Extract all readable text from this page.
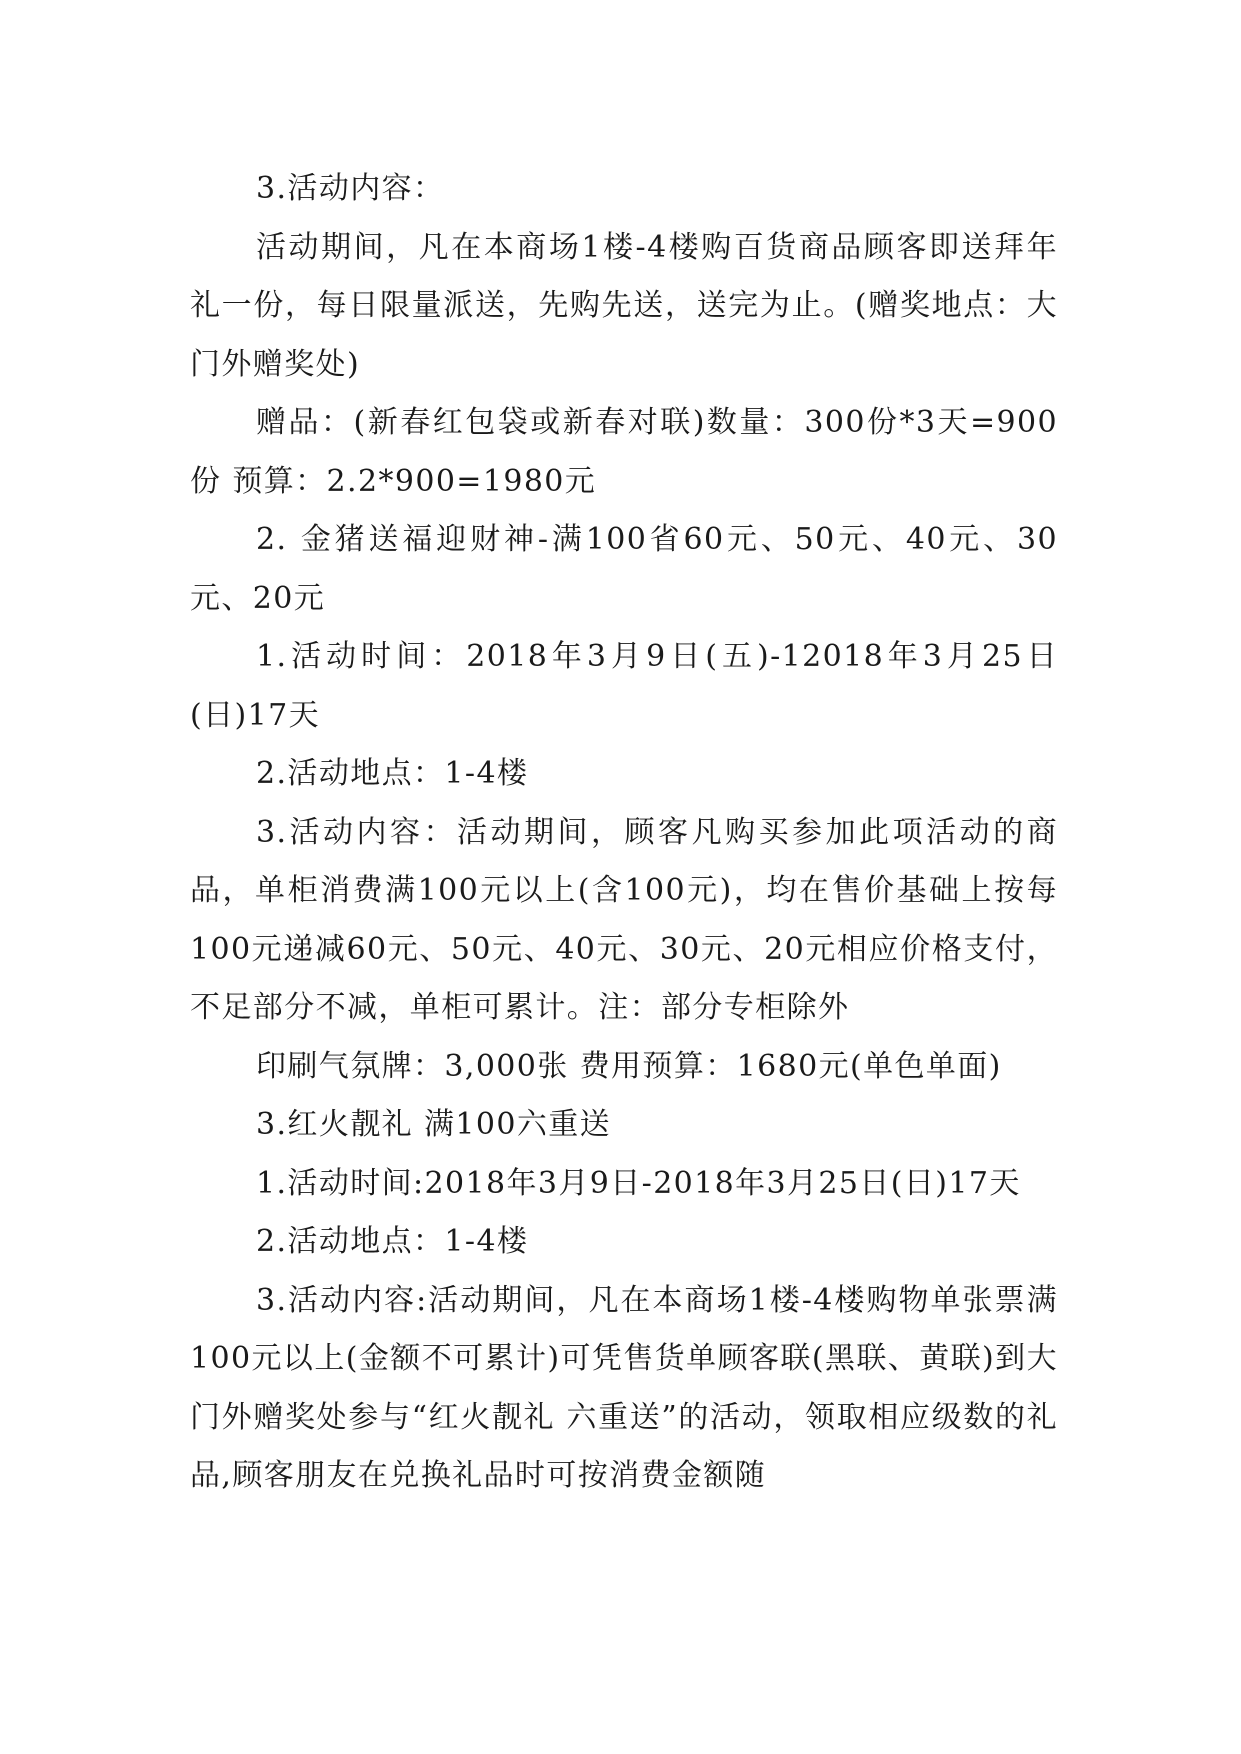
3.活动内容：

活动期间，凡在本商场1楼-4楼购百货商品顾客即送拜年礼一份，每日限量派送，先购先送，送完为止。(赠奖地点：大门外赠奖处)

赠品：(新春红包袋或新春对联)数量：300份*3天=900份 预算：2.2*900=1980元

2. 金猪送福迎财神-满100省60元、50元、40元、30元、20元

1.活动时间：2018年3月9日(五)-12018年3月25日(日)17天

2.活动地点：1-4楼

3.活动内容：活动期间，顾客凡购买参加此项活动的商品，单柜消费满100元以上(含100元)，均在售价基础上按每100元递减60元、50元、40元、30元、20元相应价格支付，不足部分不减，单柜可累计。注：部分专柜除外

印刷气氛牌：3,000张 费用预算：1680元(单色单面)

3.红火靓礼 满100六重送

1.活动时间:2018年3月9日-2018年3月25日(日)17天

2.活动地点：1-4楼

3.活动内容:活动期间，凡在本商场1楼-4楼购物单张票满100元以上(金额不可累计)可凭售货单顾客联(黑联、黄联)到大门外赠奖处参与“红火靓礼 六重送”的活动，领取相应级数的礼品,顾客朋友在兑换礼品时可按消费金额随
